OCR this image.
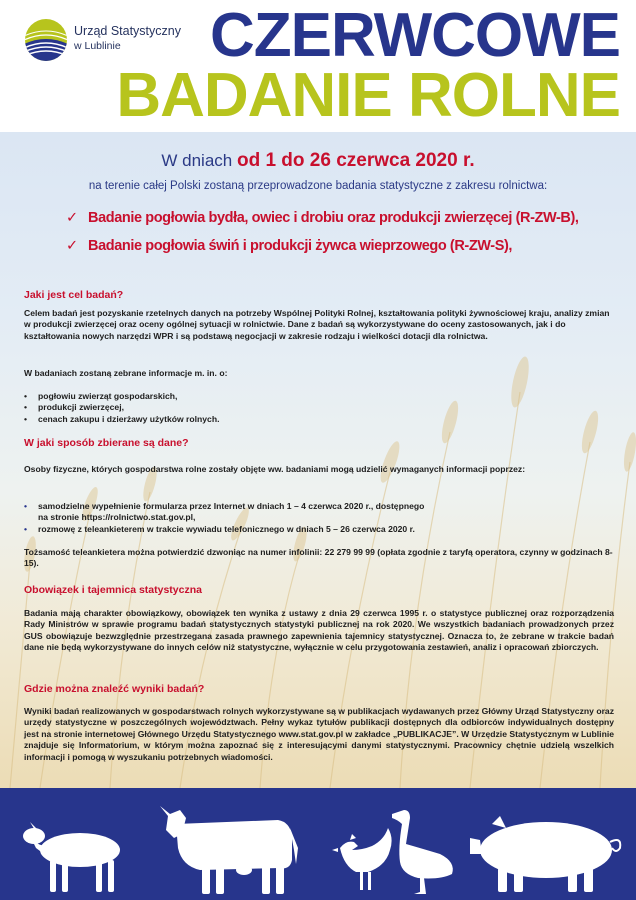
Urząd Statystyczny
w Lublinie	CZERWCOWE
BADANIE ROLNE
W dniach od 1 do 26 czerwca 2020 r.
na terenie całej Polski zostaną przeprowadzone badania statystyczne z zakresu rolnictwa:
✓ Badanie pogłowia bydła, owiec i drobiu oraz produkcji zwierzęcej (R-ZW-B),
✓ Badanie pogłowia świń i produkcji żywca wieprzowego (R-ZW-S),
Jaki jest cel badań?
Celem badań jest pozyskanie rzetelnych danych na potrzeby Wspólnej Polityki Rolnej, kształtowania polityki żywnościowej kraju, analizy zmian
w produkcji zwierzęcej oraz oceny ogólnej sytuacji w rolnictwie. Dane z badań są wykorzystywane do oceny zastosowanych, jak i do kształtowania nowych narzędzi WPR i są podstawą negocjacji w zakresie rodzaju i wielkości dotacji dla rolnictwa.
W badaniach zostaną zebrane informacje m. in. o:
• pogłowiu zwierząt gospodarskich,
• produkcji zwierzęcej,
• cenach zakupu i dzierżawy użytków rolnych.
W jaki sposób zbierane są dane?
Osoby fizyczne, których gospodarstwa rolne zostały objęte ww. badaniami mogą udzielić wymaganych informacji poprzez:
• samodzielne wypełnienie formularza przez Internet w dniach 1 – 4 czerwca 2020 r., dostępnego
na stronie https://rolnictwo.stat.gov.pl,
• rozmowę z teleankieterem w trakcie wywiadu telefonicznego w dniach 5 – 26 czerwca 2020 r.
Tożsamość teleankietera można potwierdzić dzwoniąc na numer infolinii: 22 279 99 99 (opłata zgodnie z taryfą operatora, czynny w godzinach 8-15).
Obowiązek i tajemnica statystyczna
Badania mają charakter obowiązkowy, obowiązek ten wynika z ustawy z dnia 29 czerwca 1995 r. o statystyce publicznej oraz rozporządzenia Rady Ministrów w sprawie programu badań statystycznych statystyki publicznej na rok 2020. We wszystkich badaniach prowadzonych przez GUS obowiązuje bezwzględnie przestrzegana zasada prawnego zapewnienia tajemnicy statystycznej. Oznacza to, że zebrane w trakcie badań dane nie będą wykorzystywane do innych celów niż statystyczne, wyłącznie w celu przygotowania zestawień, analiz i opracowań zbiorczych.
Gdzie można znaleźć wyniki badań?
Wyniki badań realizowanych w gospodarstwach rolnych wykorzystywane są w publikacjach wydawanych przez Główny Urząd Statystyczny oraz urzędy statystyczne w poszczególnych województwach. Pełny wykaz tytułów publikacji dostępnych dla odbiorców indywidualnych dostępny jest na stronie internetowej Głównego Urzędu Statystycznego www.stat.gov.pl w zakładce „PUBLIKACJE”. W Urzędzie Statystycznym w Lublinie znajduje się Informatorium, w którym można zapoznać się z interesującymi danymi statystycznymi. Pracownicy chętnie udzielą wszelkich informacji i pomogą w wyszukaniu potrzebnych wiadomości.
